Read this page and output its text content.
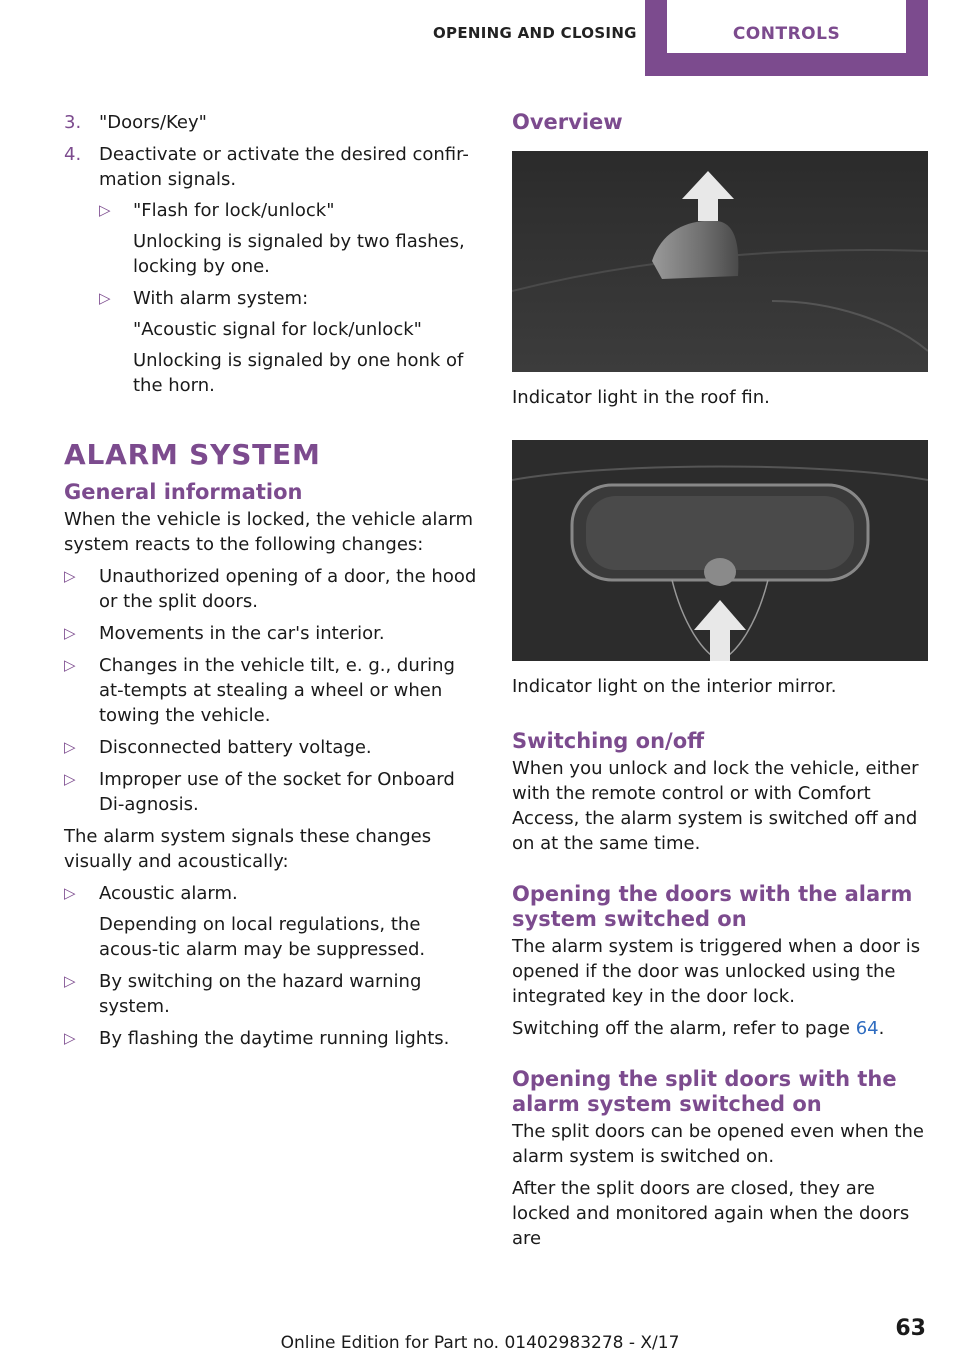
OPENING AND CLOSING	CONTROLS
3. "Doors/Key"
4. Deactivate or activate the desired confir-mation signals.
▷ "Flash for lock/unlock"
Unlocking is signaled by two flashes, locking by one.
▷ With alarm system:
"Acoustic signal for lock/unlock"
Unlocking is signaled by one honk of the horn.
ALARM SYSTEM
General information

When the vehicle is locked, the vehicle alarm system reacts to the following changes:

▷ Unauthorized opening of a door, the hood or the split doors.
▷ Movements in the car's interior.
▷ Changes in the vehicle tilt, e. g., during at-tempts at stealing a wheel or when towing the vehicle.
▷ Disconnected battery voltage.
▷ Improper use of the socket for Onboard Di-agnosis.

The alarm system signals these changes visually and acoustically:

▷ Acoustic alarm.
Depending on local regulations, the acous-tic alarm may be suppressed.
▷ By switching on the hazard warning system.
▷ By flashing the daytime running lights.
Overview

Indicator light in the roof fin.

Indicator light on the interior mirror.

Switching on/off

When you unlock and lock the vehicle, either with the remote control or with Comfort Access, the alarm system is switched off and on at the same time.

Opening the doors with the alarm system switched on

The alarm system is triggered when a door is opened if the door was unlocked using the integrated key in the door lock.

Switching off the alarm, refer to page 64.

Opening the split doors with the alarm system switched on

The split doors can be opened even when the alarm system is switched on.

After the split doors are closed, they are locked and monitored again when the doors are

Online Edition for Part no. 01402983278 - X/17
63
